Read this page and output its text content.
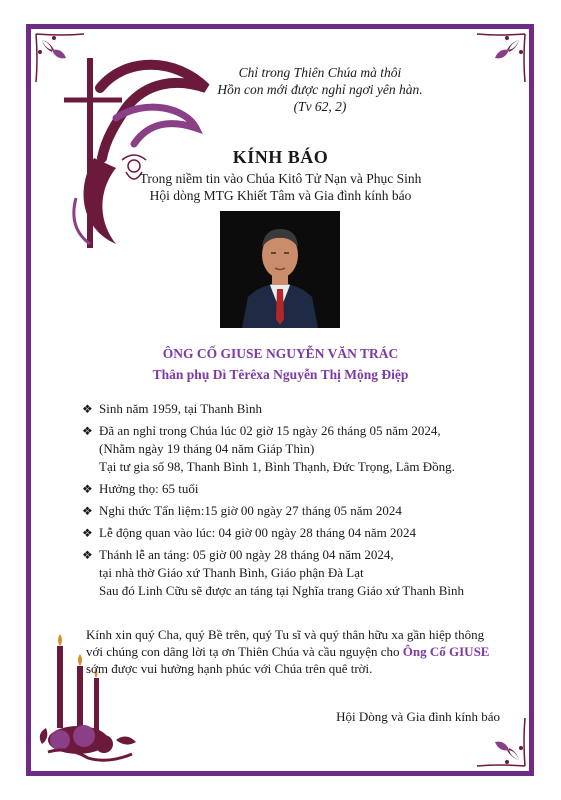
Chỉ trong Thiên Chúa mà thôi
Hồn con mới được nghỉ ngơi yên hàn.
(Tv 62, 2)
KÍNH BÁO
Trong niềm tin vào Chúa Kitô Tử Nạn và Phục Sinh
Hội dòng MTG Khiết Tâm và Gia đình kính báo
ÔNG CỐ GIUSE NGUYỄN VĂN TRÁC
Thân phụ Dì Têrêxa Nguyễn Thị Mộng Điệp
❖ Sinh năm 1959, tại Thanh Bình
❖ Đã an nghỉ trong Chúa lúc 02 giờ 15 ngày 26 tháng 05 năm 2024,
(Nhằm ngày 19 tháng 04 năm Giáp Thìn)
Tại tư gia số 98, Thanh Bình 1, Bình Thạnh, Đức Trọng, Lâm Đồng.
❖ Hưởng thọ: 65 tuổi
❖ Nghi thức Tẩn liệm:15 giờ 00 ngày 27 tháng 05 năm 2024
❖ Lễ động quan vào lúc: 04 giờ 00 ngày 28 tháng 04 năm 2024
❖ Thánh lễ an táng: 05 giờ 00 ngày 28 tháng 04 năm 2024,
tại nhà thờ Giáo xứ Thanh Bình, Giáo phận Đà Lạt
Sau đó Linh Cữu sẽ được an táng tại Nghĩa trang Giáo xứ Thanh Bình
Kính xin quý Cha, quý Bề trên, quý Tu sĩ và quý thân hữu xa gần hiệp thông
với chúng con dâng lời tạ ơn Thiên Chúa và cầu nguyện cho Ông Cố GIUSE
sớm được vui hưởng hạnh phúc với Chúa trên quê trời.
Hội Dòng và Gia đình kính báo
